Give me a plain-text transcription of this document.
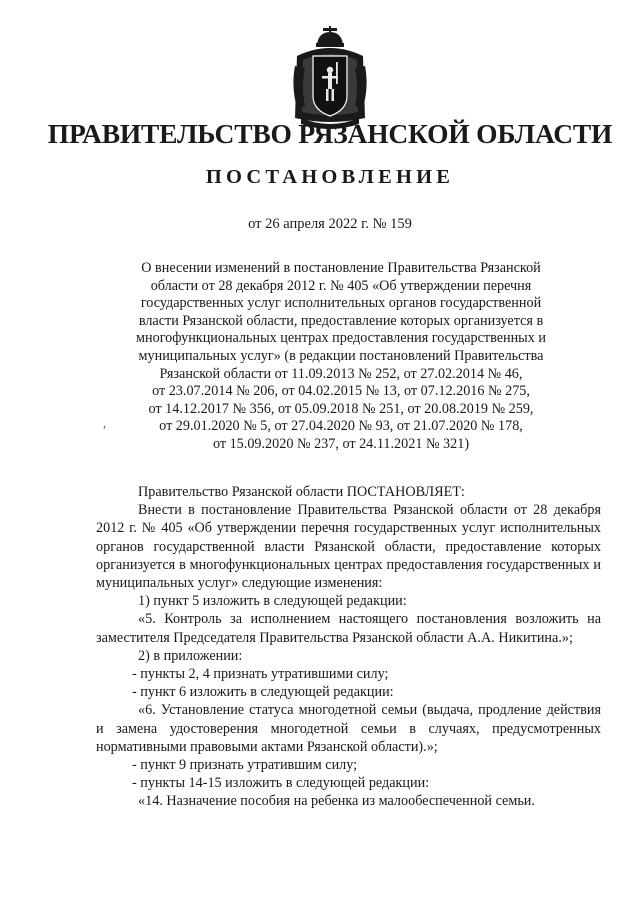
ПРАВИТЕЛЬСТВО РЯЗАНСКОЙ ОБЛАСТИ
ПОСТАНОВЛЕНИЕ
от 26 апреля 2022 г. № 159
О внесении изменений в постановление Правительства Рязанской
области от 28 декабря 2012 г. № 405 «Об утверждении перечня
государственных услуг исполнительных органов государственной
власти Рязанской области, предоставление которых организуется в
многофункциональных центрах предоставления государственных и
муниципальных услуг» (в редакции постановлений Правительства
Рязанской области от 11.09.2013 № 252, от 27.02.2014 № 46,
от 23.07.2014 № 206, от 04.02.2015 № 13, от 07.12.2016 № 275,
от 14.12.2017 № 356, от 05.09.2018 № 251, от 20.08.2019 № 259,
от 29.01.2020 № 5, от 27.04.2020 № 93, от 21.07.2020 № 178,
от 15.09.2020 № 237, от 24.11.2021 № 321)
,

Правительство Рязанской области ПОСТАНОВЛЯЕТ:

Внести в постановление Правительства Рязанской области от 28 декабря 2012 г. № 405 «Об утверждении перечня государственных услуг исполнительных органов государственной власти Рязанской области, предоставление которых организуется в многофункциональных центрах предоставления государственных и муниципальных услуг» следующие изменения:

1) пункт 5 изложить в следующей редакции:

«5. Контроль за исполнением настоящего постановления возложить на заместителя Председателя Правительства Рязанской области А.А. Никитина.»;

2) в приложении:

- пункты 2, 4 признать утратившими силу;

- пункт 6 изложить в следующей редакции:

«6. Установление статуса многодетной семьи (выдача, продление действия и замена удостоверения многодетной семьи в случаях, предусмотренных нормативными правовыми актами Рязанской области).»;

- пункт 9 признать утратившим силу;

- пункты 14-15 изложить в следующей редакции:

«14. Назначение пособия на ребенка из малообеспеченной семьи.
